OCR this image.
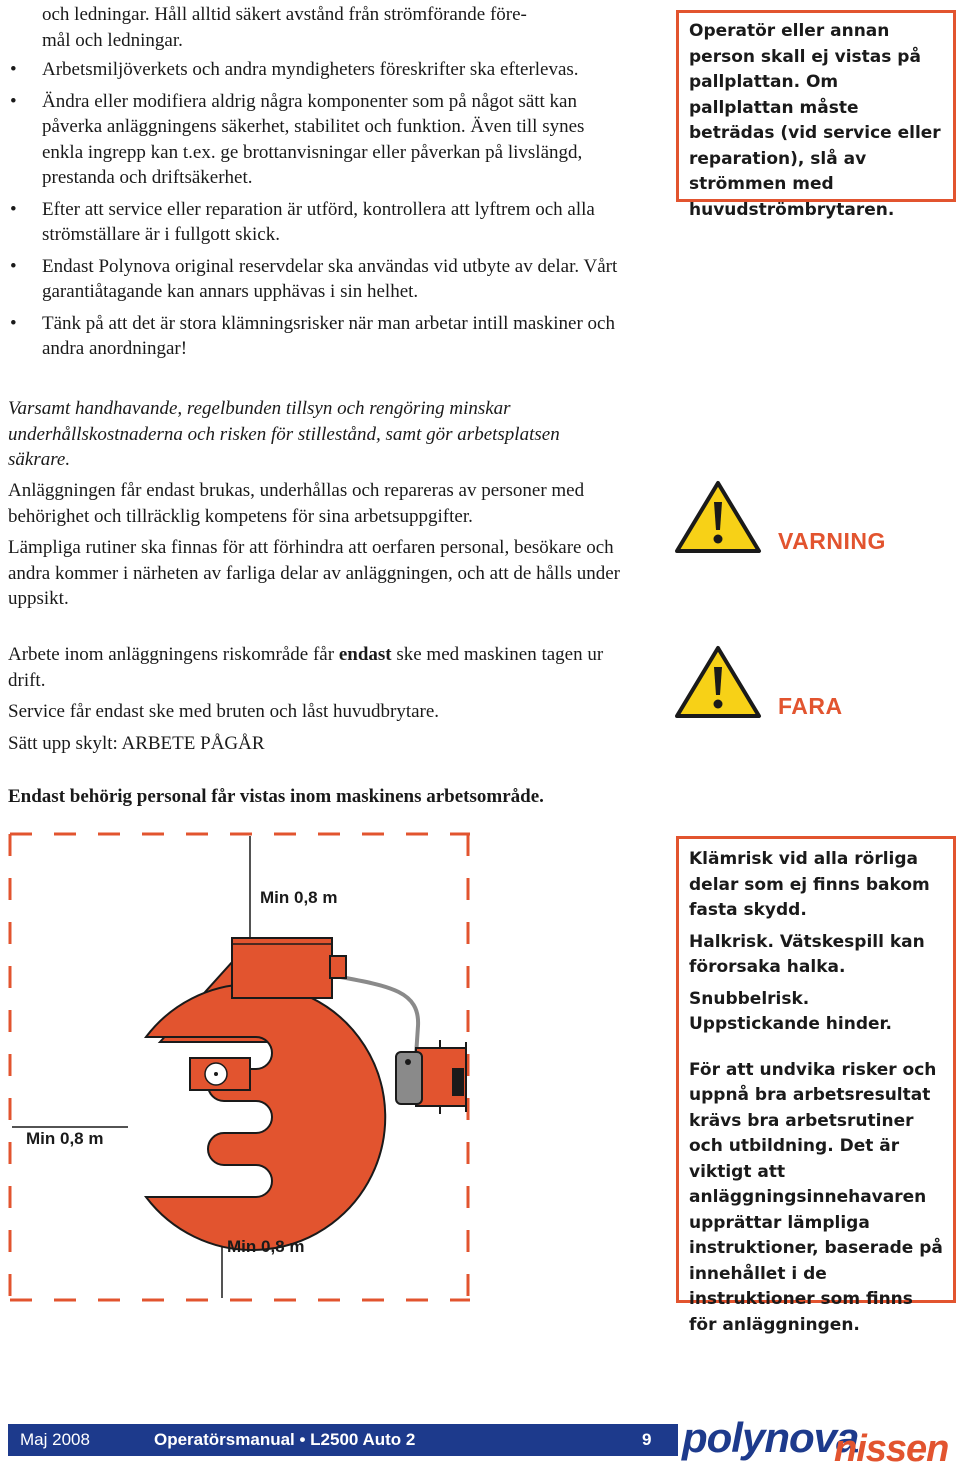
och ledningar. Håll alltid säkert avstånd från strömförande före-
mål och ledningar.
• Arbetsmiljöverkets och andra myndigheters föreskrifter ska efterlevas.
• Ändra eller modifiera aldrig några komponenter som på något sätt kan påverka anläggningens säkerhet, stabilitet och funktion. Även till synes enkla ingrepp kan t.ex. ge brottanvisningar eller påverkan på livslängd, prestanda och driftsäkerhet.
• Efter att service eller reparation är utförd, kontrollera att lyftrem och alla strömställare är i fullgott skick.
• Endast Polynova original reservdelar ska användas vid utbyte av delar. Vårt garantiåtagande kan annars upphävas i sin helhet.
• Tänk på att det är stora klämningsrisker när man arbetar intill maskiner och andra anordningar!
Varsamt handhavande, regelbunden tillsyn och rengöring minskar underhållskostnaderna och risken för stillestånd, samt gör arbetsplatsen säkrare.

Operatör eller annan person skall ej vistas på pallplattan. Om pallplattan måste beträdas (vid service eller reparation), slå av strömmen med huvudströmbrytaren.

Anläggningen får endast brukas, underhållas och repareras av personer med behörighet och tillräcklig kompetens för sina arbetsuppgifter.

Lämpliga rutiner ska finnas för att förhindra att oerfaren personal, besökare och andra kommer i närheten av farliga delar av anläggningen, och att de hålls under uppsikt.

Arbete inom anläggningens riskområde får endast ske med maskinen tagen ur drift.

Service får endast ske med bruten och låst huvudbrytare.

Sätt upp skylt: ARBETE PÅGÅR

Endast behörig personal får vistas inom maskinens arbetsområde.
VARNING
FARA
Min 0,8 m
Min 0,8 m
Min 0,8 m

Klämrisk vid alla rörliga delar som ej finns bakom fasta skydd.

Halkrisk. Vätskespill kan förorsaka halka.

Snubbelrisk. Uppstickande hinder.

För att undvika risker och uppnå bra arbetsresultat krävs bra arbetsrutiner och utbildning. Det är viktigt att anläggningsinnehavaren upprättar lämpliga instruktioner, baserade på innehållet i de instruktioner som finns för anläggningen.

Maj 2008	Operatörsmanual • L2500 Auto 2	9 polynova
nissen
